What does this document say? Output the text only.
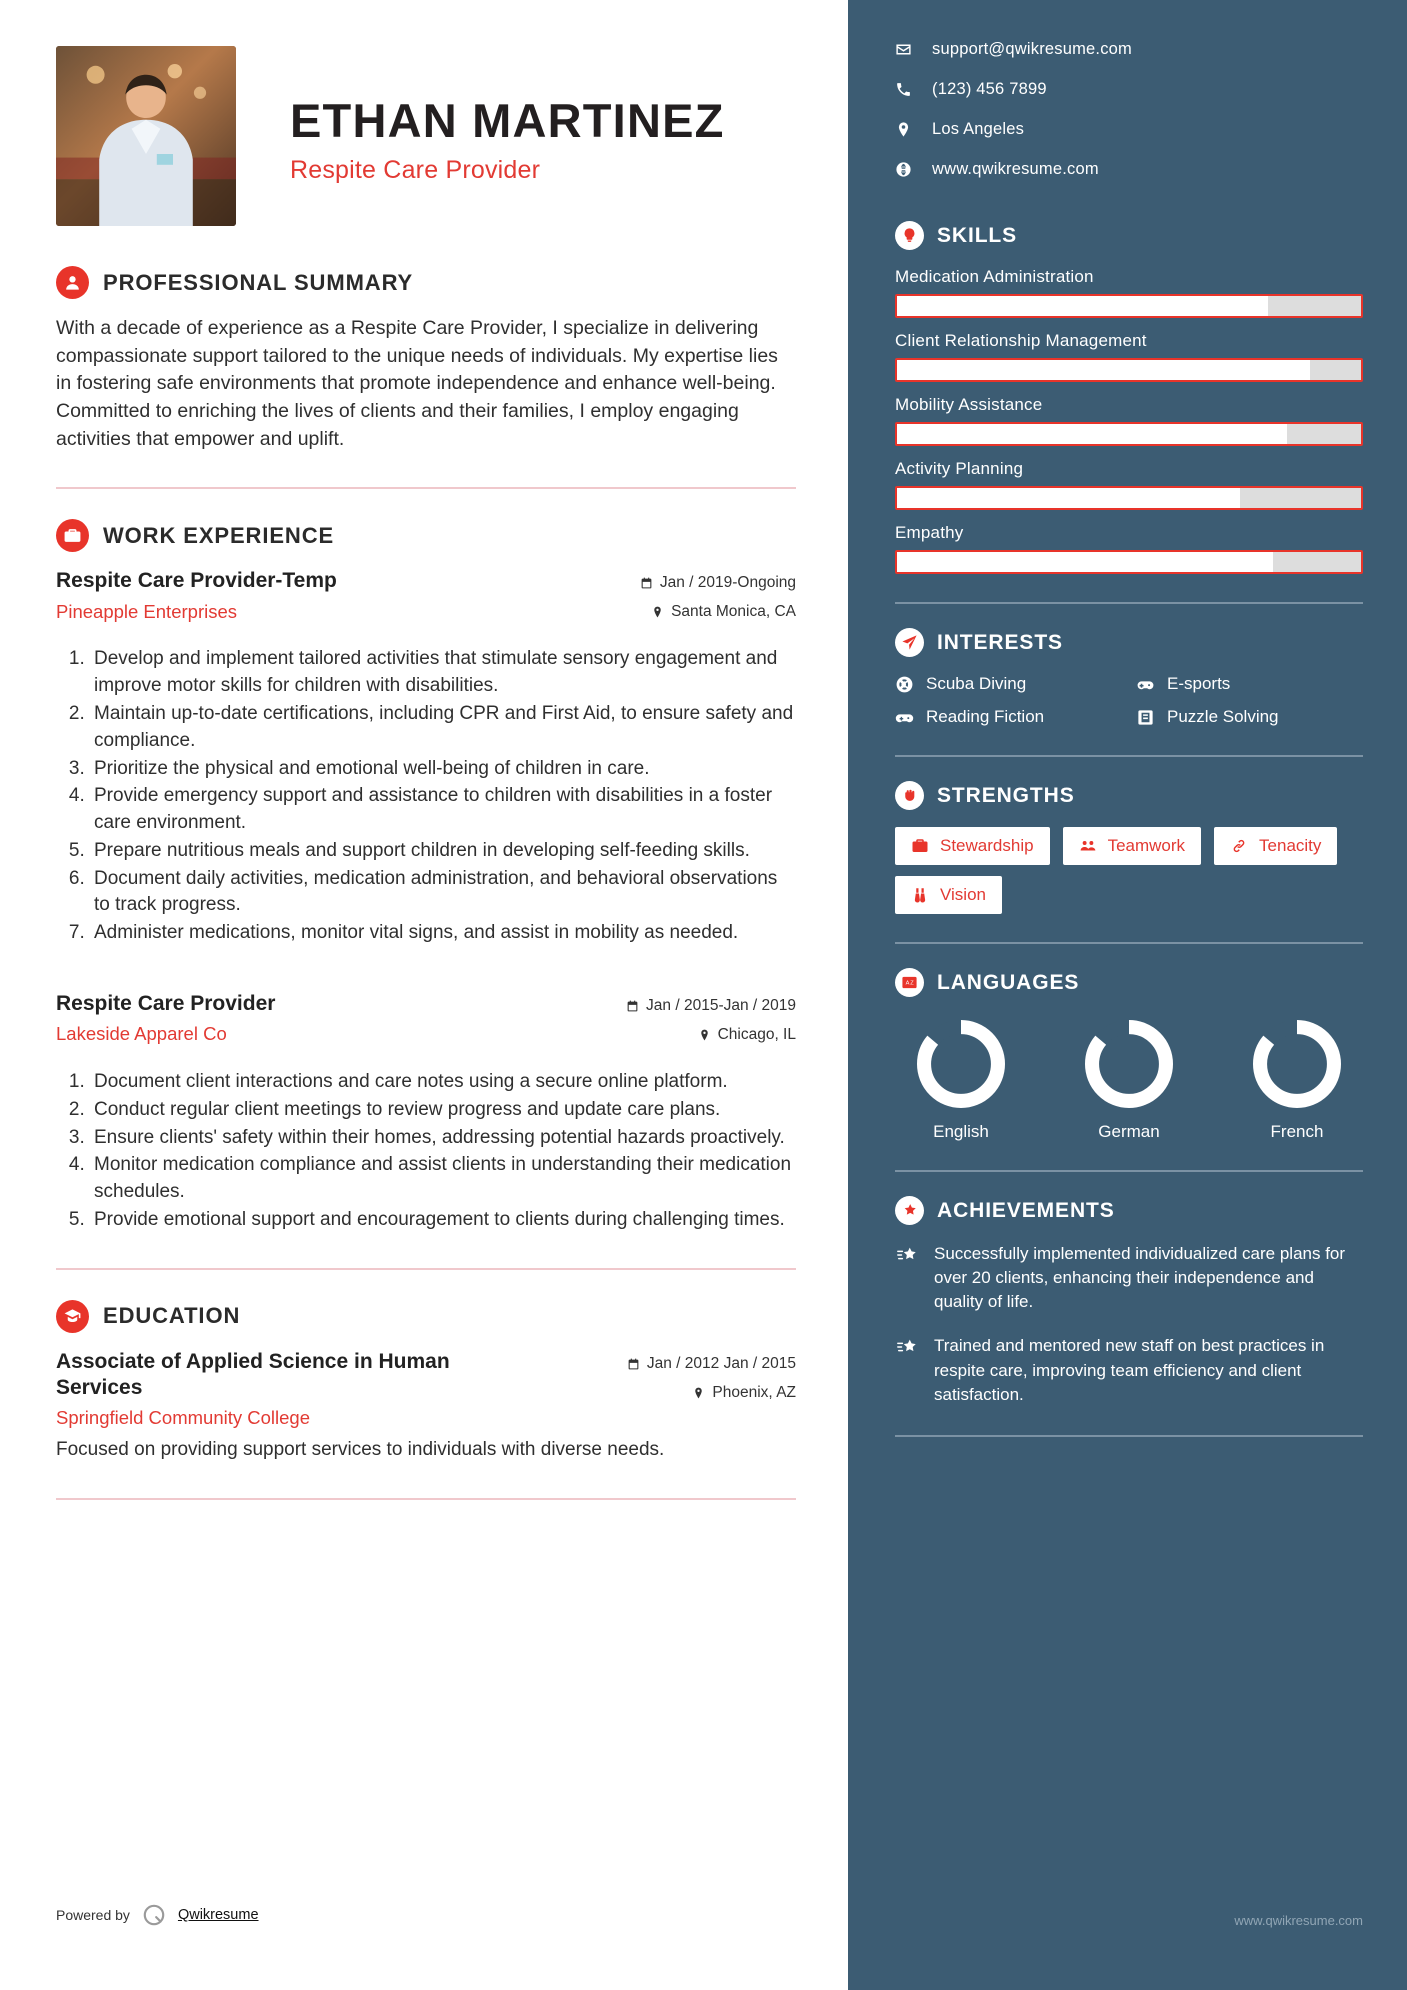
ETHAN MARTINEZ
Respite Care Provider
PROFESSIONAL SUMMARY
With a decade of experience as a Respite Care Provider, I specialize in delivering compassionate support tailored to the unique needs of individuals. My expertise lies in fostering safe environments that promote independence and enhance well-being. Committed to enriching the lives of clients and their families, I employ engaging activities that empower and uplift.
WORK EXPERIENCE
Respite Care Provider-Temp
Pineapple Enterprises
Jan / 2019-Ongoing
Santa Monica, CA
1. Develop and implement tailored activities that stimulate sensory engagement and improve motor skills for children with disabilities.
2. Maintain up-to-date certifications, including CPR and First Aid, to ensure safety and compliance.
3. Prioritize the physical and emotional well-being of children in care.
4. Provide emergency support and assistance to children with disabilities in a foster care environment.
5. Prepare nutritious meals and support children in developing self-feeding skills.
6. Document daily activities, medication administration, and behavioral observations to track progress.
7. Administer medications, monitor vital signs, and assist in mobility as needed.
Respite Care Provider
Lakeside Apparel Co
Jan / 2015-Jan / 2019
Chicago, IL
1. Document client interactions and care notes using a secure online platform.
2. Conduct regular client meetings to review progress and update care plans.
3. Ensure clients' safety within their homes, addressing potential hazards proactively.
4. Monitor medication compliance and assist clients in understanding their medication schedules.
5. Provide emotional support and encouragement to clients during challenging times.
EDUCATION
Associate of Applied Science in Human Services
Springfield Community College
Jan / 2012 Jan / 2015
Phoenix, AZ
Focused on providing support services to individuals with diverse needs.
Powered by	Qwikresume
support@qwikresume.com
(123) 456 7899
Los Angeles
www.qwikresume.com
SKILLS
Medication Administration
Client Relationship Management
Mobility Assistance
Activity Planning
Empathy
INTERESTS
Scuba Diving	E-sports
Reading Fiction	Puzzle Solving
STRENGTHS
Stewardship	Teamwork	Tenacity
Vision
A Z LANGUAGES
English	German	French
ACHIEVEMENTS
Successfully implemented individualized care plans for over 20 clients, enhancing their independence and quality of life.
Trained and mentored new staff on best practices in respite care, improving team efficiency and client satisfaction.
www.qwikresume.com
